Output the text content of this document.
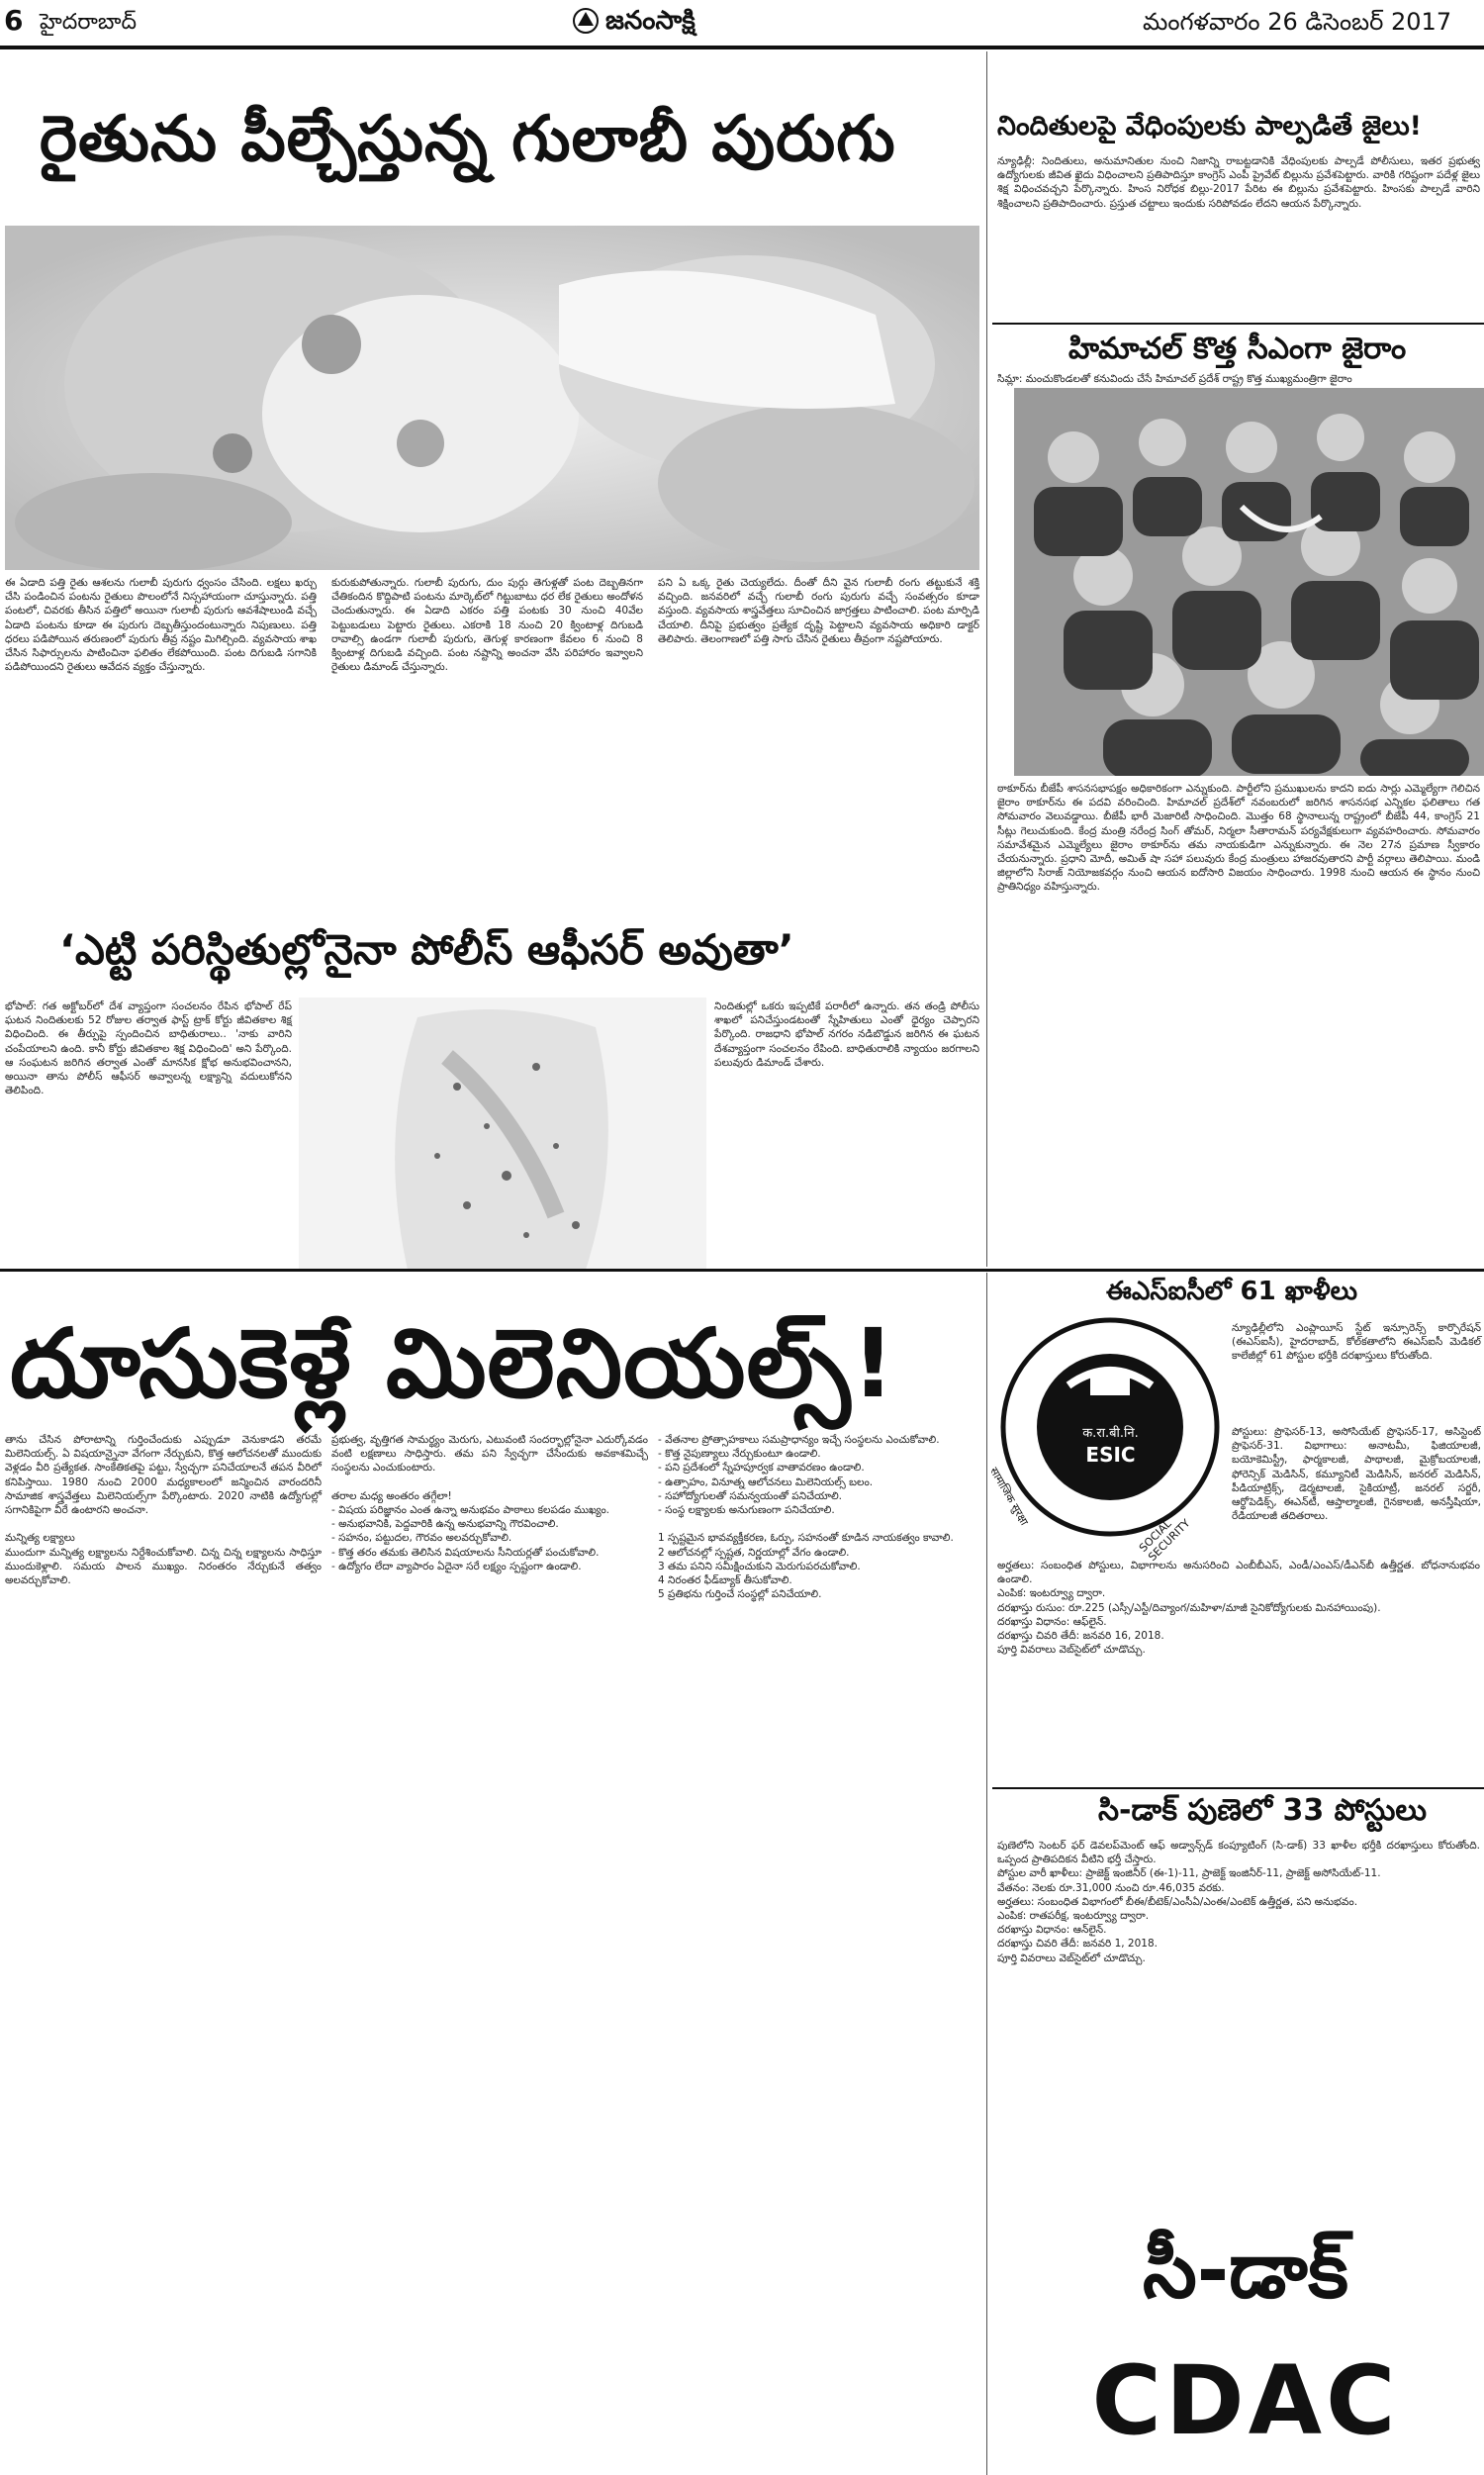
6 హైదరాబాద్	జనంసాక్షి	మంగళవారం 26 డిసెంబర్ 2017
రైతును పీల్చేస్తున్న గులాబీ పురుగు
ఈ ఏడాది పత్తి రైతు ఆశలను గులాబీ పురుగు ధ్వంసం చేసింది. లక్షలు ఖర్చు చేసి పండించిన పంటను రైతులు పొలంలోనే నిస్సహాయంగా చూస్తున్నారు. పత్తి పంటలో, చివరకు తీసిన పత్తిలో అయినా గులాబీ పురుగు ఆవశేషాలుండి వచ్చే ఏడాది పంటను కూడా ఈ పురుగు దెబ్బతీస్తుందంటున్నారు నిపుణులు. పత్తి ధరలు పడిపోయిన తరుణంలో పురుగు తీవ్ర నష్టం మిగిల్చింది. వ్యవసాయ శాఖ చేసిన సిఫార్సులను పాటించినా ఫలితం లేకపోయింది. పంట దిగుబడి సగానికి పడిపోయిందని రైతులు ఆవేదన వ్యక్తం చేస్తున్నారు.
కురుకుపోతున్నారు. గులాబీ పురుగు, దుం పుర్గు తెగుళ్లతో పంట దెబ్బతినగా చేతికందిన కొద్దిపాటి పంటను మార్కెట్‌లో గిట్టుబాటు ధర లేక రైతులు అందోళన చెందుతున్నారు. ఈ ఏడాది ఎకరం పత్తి పంటకు 30 నుంచి 40వేల పెట్టుబడులు పెట్టారు రైతులు. ఎకరాకి 18 నుంచి 20 క్వింటాళ్ల దిగుబడి రావాల్సి ఉండగా గులాబీ పురుగు, తెగుళ్ల కారణంగా కేవలం 6 నుంచి 8 క్వింటాళ్ల దిగుబడి వచ్చింది. పంట నష్టాన్ని అంచనా వేసి పరిహారం ఇవ్వాలని రైతులు డిమాండ్ చేస్తున్నారు.
పని ఏ ఒక్క రైతు చెయ్యలేదు. దీంతో దీని వైన గులాబీ రంగు తట్టుకునే శక్తి వచ్చింది. జనవరిలో వచ్చే గులాబీ రంగు పురుగు వచ్చే సంవత్సరం కూడా వస్తుంది. వ్యవసాయ శాస్త్రవేత్తలు సూచించిన జాగ్రత్తలు పాటించాలి. పంట మార్పిడి చేయాలి. దీనిపై ప్రభుత్వం ప్రత్యేక దృష్టి పెట్టాలని వ్యవసాయ అధికారి డాక్టర్ తెలిపారు. తెలంగాణలో పత్తి సాగు చేసిన రైతులు తీవ్రంగా నష్టపోయారు.
‘ఎట్టి పరిస్థితుల్లోనైనా పోలీస్ ఆఫీసర్ అవుతా’
భోపాల్: గత అక్టోబర్‌లో దేశ వ్యాప్తంగా సంచలనం రేపిన భోపాల్ రేప్ ఘటన నిందితులకు 52 రోజుల తర్వాత ఫాస్ట్ ట్రాక్ కోర్టు జీవితకాల శిక్ష విధించింది. ఈ తీర్పుపై స్పందించిన బాధితురాలు.. 'నాకు వారిని చంపేయాలని ఉంది. కానీ కోర్టు జీవితకాల శిక్ష విధించింది' అని పేర్కొంది. ఆ సంఘటన జరిగిన తర్వాత ఎంతో మానసిక క్షోభ అనుభవించానని, అయినా తాను పోలీస్ ఆఫీసర్ అవ్వాలన్న లక్ష్యాన్ని వదులుకోనని తెలిపింది.
నిందితుల్లో ఒకరు ఇప్పటికే పరారీలో ఉన్నారు. తన తండ్రి పోలీసు శాఖలో పనిచేస్తుండటంతో స్నేహితులు ఎంతో ధైర్యం చెప్పారని పేర్కొంది. రాజధాని భోపాల్ నగరం నడిబొడ్డున జరిగిన ఈ ఘటన దేశవ్యాప్తంగా సంచలనం రేపింది. బాధితురాలికి న్యాయం జరగాలని పలువురు డిమాండ్ చేశారు.
నిందితులపై వేధింపులకు పాల్పడితే జైలు!
న్యూఢిల్లీ: నిందితులు, అనుమానితుల నుంచి నిజాన్ని రాబట్టడానికి వేధింపులకు పాల్పడే పోలీసులు, ఇతర ప్రభుత్వ ఉద్యోగులకు జీవిత ఖైదు విధించాలని ప్రతిపాదిస్తూ కాంగ్రెస్ ఎంపీ ప్రైవేట్ బిల్లును ప్రవేశపెట్టారు. వారికి గరిష్టంగా పదేళ్ల జైలు శిక్ష విధించవచ్చని పేర్కొన్నారు. హింస నిరోధక బిల్లు-2017 పేరిట ఈ బిల్లును ప్రవేశపెట్టారు. హింసకు పాల్పడే వారిని శిక్షించాలని ప్రతిపాదించారు. ప్రస్తుత చట్టాలు ఇందుకు సరిపోవడం లేదని ఆయన పేర్కొన్నారు.
హిమాచల్ కొత్త సీఎంగా జైరాం
సిమ్లా: మంచుకొండలతో కనువిందు చేసే హిమాచల్ ప్రదేశ్ రాష్ట్ర కొత్త ముఖ్యమంత్రిగా జైరాం
ఠాకూర్‌ను బీజేపీ శాసనసభాపక్షం అధికారికంగా ఎన్నుకుంది. పార్టీలోని ప్రముఖులను కాదని ఐదు సార్లు ఎమ్మెల్యేగా గెలిచిన జైరాం ఠాకూర్‌ను ఈ పదవి వరించింది. హిమాచల్ ప్రదేశ్‌లో నవంబరులో జరిగిన శాసనసభ ఎన్నికల ఫలితాలు గత సోమవారం వెలువడ్డాయి. బీజేపీ భారీ మెజారిటీ సాధించింది. మొత్తం 68 స్థానాలున్న రాష్ట్రంలో బీజేపీ 44, కాంగ్రెస్ 21 సీట్లు గెలుచుకుంది. కేంద్ర మంత్రి నరేంద్ర సింగ్ తోమర్, నిర్మలా సీతారామన్ పర్యవేక్షకులుగా వ్యవహరించారు. సోమవారం సమావేశమైన ఎమ్మెల్యేలు జైరాం ఠాకూర్‌ను తమ నాయకుడిగా ఎన్నుకున్నారు. ఈ నెల 27న ప్రమాణ స్వీకారం చేయనున్నారు. ప్రధాని మోదీ, అమిత్ షా సహా పలువురు కేంద్ర మంత్రులు హాజరవుతారని పార్టీ వర్గాలు తెలిపాయి. మండి జిల్లాలోని సిరాజ్ నియోజకవర్గం నుంచి ఆయన ఐదోసారి విజయం సాధించారు. 1998 నుంచి ఆయన ఈ స్థానం నుంచి ప్రాతినిధ్యం వహిస్తున్నారు.
దూసుకెళ్లే మిలెనియల్స్!
తాను చేసిన పోరాటాన్ని గుర్తించేందుకు ఎప్పుడూ వెనుకాడని తరమే మిలెనియల్స్. ఏ విషయాన్నైనా వేగంగా నేర్చుకుని, కొత్త ఆలోచనలతో ముందుకు వెళ్లడం వీరి ప్రత్యేకత. సాంకేతికతపై పట్టు, స్వేచ్ఛగా పనిచేయాలనే తపన వీరిలో కనిపిస్తాయి. 1980 నుంచి 2000 మధ్యకాలంలో జన్మించిన వారందరినీ సామాజిక శాస్త్రవేత్తలు మిలెనియల్స్‌గా పేర్కొంటారు. 2020 నాటికి ఉద్యోగుల్లో సగానికిపైగా వీరే ఉంటారని అంచనా.

మన్నిత్య లక్ష్యాలు
ముందుగా మన్నిత్య లక్ష్యాలను నిర్దేశించుకోవాలి. చిన్న చిన్న లక్ష్యాలను సాధిస్తూ ముందుకెళ్లాలి. సమయ పాలన ముఖ్యం. నిరంతరం నేర్చుకునే తత్వం అలవర్చుకోవాలి.
ప్రభుత్వ, వృత్తిగత సామర్థ్యం మెరుగు, ఎటువంటి సందర్భాల్లోనైనా ఎదుర్కోవడం వంటి లక్షణాలు సాధిస్తారు. తమ పని స్వేచ్ఛగా చేసేందుకు అవకాశమిచ్చే సంస్థలను ఎంచుకుంటారు.

తరాల మధ్య అంతరం తగ్గేలా!
- విషయ పరిజ్ఞానం ఎంత ఉన్నా అనుభవం పాఠాలు కలపడం ముఖ్యం.
- అనుభవానికి, పెద్దవారికి ఉన్న అనుభవాన్ని గౌరవించాలి.
- సహనం, పట్టుదల, గౌరవం అలవర్చుకోవాలి.
- కొత్త తరం తమకు తెలిసిన విషయాలను సీనియర్లతో పంచుకోవాలి.
- ఉద్యోగం లేదా వ్యాపారం ఏదైనా సరే లక్ష్యం స్పష్టంగా ఉండాలి.
- వేతనాల ప్రోత్సాహకాలు సమప్రాధాన్యం ఇచ్చే సంస్థలను ఎంచుకోవాలి.
- కొత్త నైపుణ్యాలు నేర్చుకుంటూ ఉండాలి.
- పని ప్రదేశంలో స్నేహపూర్వక వాతావరణం ఉండాలి.
- ఉత్సాహం, వినూత్న ఆలోచనలు మిలెనియల్స్ బలం.
- సహోద్యోగులతో సమన్వయంతో పనిచేయాలి.
- సంస్థ లక్ష్యాలకు అనుగుణంగా పనిచేయాలి.

1 స్పష్టమైన భావవ్యక్తీకరణ, ఓర్పు, సహనంతో కూడిన నాయకత్వం కావాలి.
2 ఆలోచనల్లో స్పష్టత, నిర్ణయాల్లో వేగం ఉండాలి.
3 తమ పనిని సమీక్షించుకుని మెరుగుపరచుకోవాలి.
4 నిరంతర ఫీడ్‌బ్యాక్ తీసుకోవాలి.
5 ప్రతిభను గుర్తించే సంస్థల్లో పనిచేయాలి.
ఈఎస్ఐసీలో 61 ఖాళీలు
क.रा.बी.नि.
ESIC
सामाजिक सुरक्षा
SOCIAL SECURITY
న్యూఢిల్లీలోని ఎంప్లాయీస్ స్టేట్ ఇన్సూరెన్స్ కార్పొరేషన్ (ఈఎస్ఐసీ), హైదరాబాద్, కోల్‌కతాలోని ఈఎస్ఐసీ మెడికల్ కాలేజీల్లో 61 పోస్టుల భర్తీకి దరఖాస్తులు కోరుతోంది.
పోస్టులు: ప్రొఫెసర్-13, అసోసియేట్ ప్రొఫెసర్-17, అసిస్టెంట్ ప్రొఫెసర్-31. విభాగాలు: అనాటమీ, ఫిజియాలజీ, బయోకెమిస్ట్రీ, ఫార్మకాలజీ, పాథాలజీ, మైక్రోబయాలజీ, ఫోరెన్సిక్ మెడిసిన్, కమ్యూనిటీ మెడిసిన్, జనరల్ మెడిసిన్, పీడియాట్రిక్స్, డెర్మటాలజీ, సైకియాట్రీ, జనరల్ సర్జరీ, ఆర్థోపెడిక్స్, ఈఎన్‌టీ, ఆప్తాల్మాలజీ, గైనకాలజీ, అనస్తీషియా, రేడియాలజీ తదితరాలు.
అర్హతలు: సంబంధిత పోస్టులు, విభాగాలను అనుసరించి ఎంబీబీఎస్, ఎండీ/ఎంఎస్/డీఎన్‌బీ ఉత్తీర్ణత. బోధనానుభవం ఉండాలి.
ఎంపిక: ఇంటర్వ్యూ ద్వారా.
దరఖాస్తు రుసుం: రూ.225 (ఎస్సీ/ఎస్టీ/దివ్యాంగ/మహిళా/మాజీ సైనికోద్యోగులకు మినహాయింపు).
దరఖాస్తు విధానం: ఆఫ్‌లైన్.
దరఖాస్తు చివరి తేదీ: జనవరి 16, 2018.
పూర్తి వివరాలు వెబ్‌సైట్‌లో చూడొచ్చు.
సి-డాక్ పుణెలో 33 పోస్టులు
పుణెలోని సెంటర్ ఫర్ డెవలప్‌మెంట్ ఆఫ్ అడ్వాన్స్‌డ్ కంప్యూటింగ్ (సి-డాక్) 33 ఖాళీల భర్తీకి దరఖాస్తులు కోరుతోంది. ఒప్పంద ప్రాతిపదికన వీటిని భర్తీ చేస్తారు.
పోస్టుల వారీ ఖాళీలు: ప్రాజెక్ట్ ఇంజినీర్ (ఈ-1)-11, ప్రాజెక్ట్ ఇంజినీర్-11, ప్రాజెక్ట్ అసోసియేట్-11.
వేతనం: నెలకు రూ.31,000 నుంచి రూ.46,035 వరకు.
అర్హతలు: సంబంధిత విభాగంలో బీఈ/బీటెక్/ఎంసీఏ/ఎంఈ/ఎంటెక్ ఉత్తీర్ణత, పని అనుభవం.
ఎంపిక: రాతపరీక్ష, ఇంటర్వ్యూ ద్వారా.
దరఖాస్తు విధానం: ఆన్‌లైన్.
దరఖాస్తు చివరి తేదీ: జనవరి 1, 2018.
పూర్తి వివరాలు వెబ్‌సైట్‌లో చూడొచ్చు.
సీ-డాక్
CDAC
